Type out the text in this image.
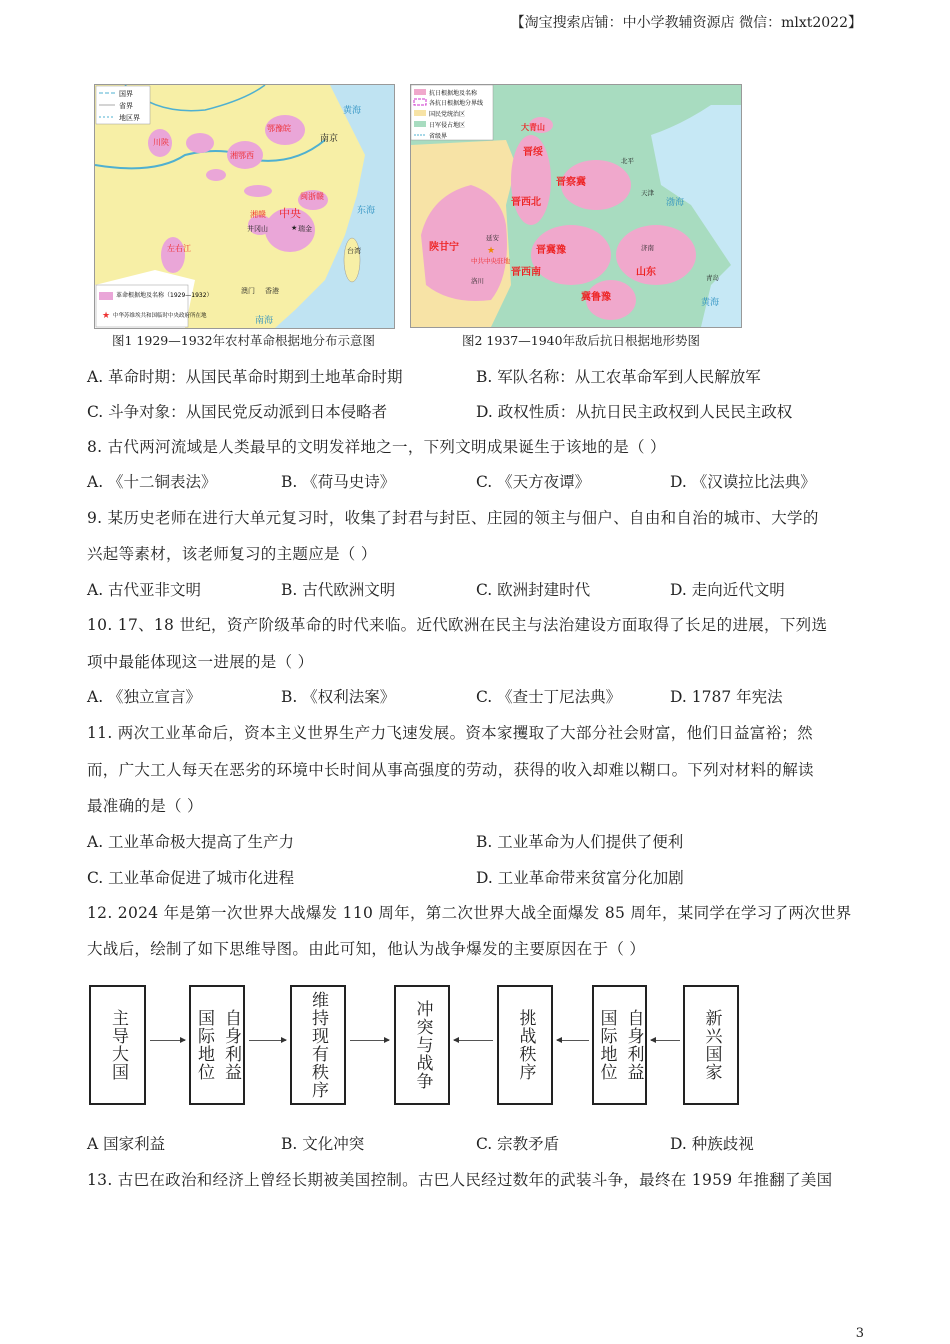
【淘宝搜索店铺：中小学教辅资源店 微信：mlxt2022】
国界
省界
地区界
革命根据地及名称（1929—1932）
★ 中华苏维埃共和国临时中央政府所在地
川陕
湘鄂西
鄂豫皖
湘赣
闽浙赣
左右江
中央
★ 瑞金
井冈山
南京
台湾
香港
澳门
东海
黄海
南海
图1 1929—1932年农村革命根据地分布示意图
抗日根据地及名称
各抗日根据地分界线
国民党统治区
日军侵占地区
省级界
陕甘宁
晋察冀
晋冀豫
山东
晋绥
晋西北
晋西南
冀鲁豫
大青山
★
延安
中共中央驻地
洛川
北平
天津
济南
青岛
渤海
黄海
图2 1937—1940年敌后抗日根据地形势图
A. 革命时期：从国民革命时期到土地革命时期	B. 军队名称：从工农革命军到人民解放军
C. 斗争对象：从国民党反动派到日本侵略者	D. 政权性质：从抗日民主政权到人民民主政权
8. 古代两河流域是人类最早的文明发祥地之一，下列文明成果诞生于该地的是（ ）
A. 《十二铜表法》	B. 《荷马史诗》	C. 《天方夜谭》	D. 《汉谟拉比法典》
9. 某历史老师在进行大单元复习时，收集了封君与封臣、庄园的领主与佃户、自由和自治的城市、大学的
兴起等素材，该老师复习的主题应是（ ）
A. 古代亚非文明	B. 古代欧洲文明	C. 欧洲封建时代	D. 走向近代文明
10. 17、18 世纪，资产阶级革命的时代来临。近代欧洲在民主与法治建设方面取得了长足的进展，下列选
项中最能体现这一进展的是（ ）
A. 《独立宣言》	B. 《权利法案》	C. 《查士丁尼法典》	D. 1787 年宪法
11. 两次工业革命后，资本主义世界生产力飞速发展。资本家攫取了大部分社会财富，他们日益富裕；然
而，广大工人每天在恶劣的环境中长时间从事高强度的劳动，获得的收入却难以糊口。下列对材料的解读
最准确的是（ ）
A. 工业革命极大提高了生产力	B. 工业革命为人们提供了便利
C. 工业革命促进了城市化进程	D. 工业革命带来贫富分化加剧
12. 2024 年是第一次世界大战爆发 110 周年，第二次世界大战全面爆发 85 周年，某同学在学习了两次世界
大战后，绘制了如下思维导图。由此可知，他认为战争爆发的主要原因在于（ ）
主导大国	国际地位 自身利益	维持现有秩序	冲突与战争	挑战秩序	国际地位 自身利益	新兴国家
A 国家利益	B. 文化冲突	C. 宗教矛盾	D. 种族歧视
13. 古巴在政治和经济上曾经长期被美国控制。古巴人民经过数年的武装斗争，最终在 1959 年推翻了美国
3
